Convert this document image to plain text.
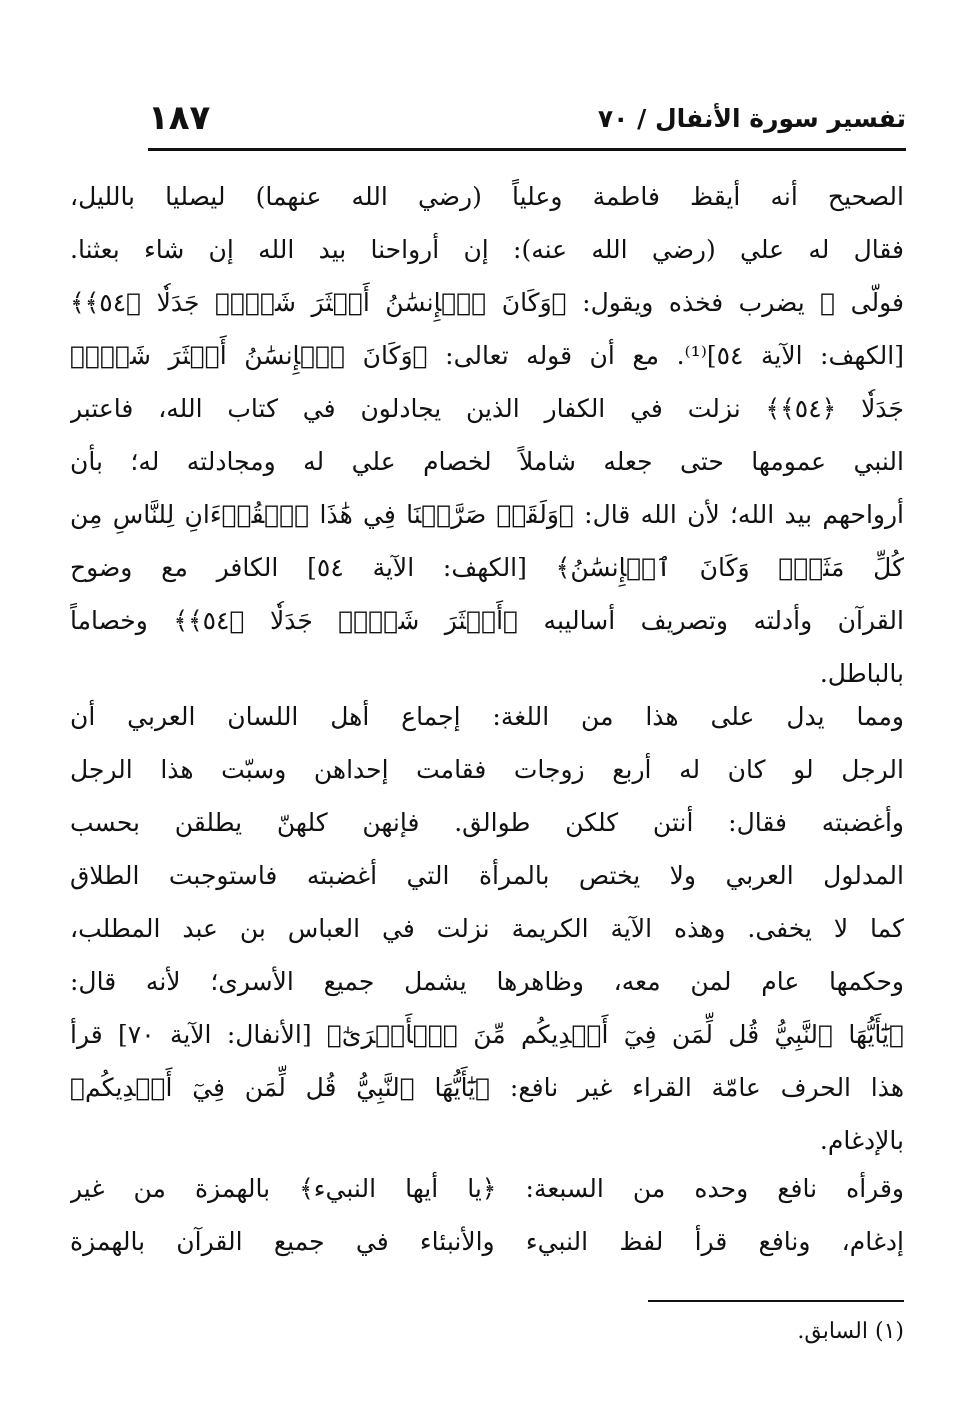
١٨٧	تفسير سورة الأنفال / ٧٠
الصحيح أنه أيقظ فاطمة وعلياً (رضي الله عنهما) ليصليا بالليل،
فقال له علي (رضي الله عنه): إن أرواحنا بيد الله إن شاء بعثنا.
فولّى ﷺ يضرب فخذه ويقول: ﴿وَكَانَ ٱلۡإِنسَٰنُ أَكۡثَرَ شَيۡءٖ جَدَلٗا ﴿٥٤﴾﴾
[الكهف: الآية ٥٤]⁽¹⁾. مع أن قوله تعالى: ﴿وَكَانَ ٱلۡإِنسَٰنُ أَكۡثَرَ شَيۡءٖ
جَدَلٗا ﴿٥٤﴾﴾ نزلت في الكفار الذين يجادلون في كتاب الله، فاعتبر
النبي عمومها حتى جعله شاملاً لخصام علي له ومجادلته له؛ بأن
أرواحهم بيد الله؛ لأن الله قال: ﴿وَلَقَدۡ صَرَّفۡنَا فِي هَٰذَا ٱلۡقُرۡءَانِ لِلنَّاسِ مِن
كُلِّ مَثَلٖۚ وَكَانَ ٱلۡإِنسَٰنُ﴾ [الكهف: الآية ٥٤] الكافر مع وضوح
القرآن وأدلته وتصريف أساليبه ﴿أَكۡثَرَ شَيۡءٖ جَدَلٗا ﴿٥٤﴾﴾ وخصاماً
بالباطل.
ومما يدل على هذا من اللغة: إجماع أهل اللسان العربي أن
الرجل لو كان له أربع زوجات فقامت إحداهن وسبّت هذا الرجل
وأغضبته فقال: أنتن كلكن طوالق. فإنهن كلهنّ يطلقن بحسب
المدلول العربي ولا يختص بالمرأة التي أغضبته فاستوجبت الطلاق
كما لا يخفى. وهذه الآية الكريمة نزلت في العباس بن عبد المطلب،
وحكمها عام لمن معه، وظاهرها يشمل جميع الأسرى؛ لأنه قال:
﴿يَٰٓأَيُّهَا ٱلنَّبِيُّ قُل لِّمَن فِيٓ أَيۡدِيكُم مِّنَ ٱلۡأَسۡرَىٰٓ﴾ [الأنفال: الآية ٧٠] قرأ
هذا الحرف عامّة القراء غير نافع: ﴿يَٰٓأَيُّهَا ٱلنَّبِيُّ قُل لِّمَن فِيٓ أَيۡدِيكُم﴾
بالإدغام.
وقرأه نافع وحده من السبعة: ﴿يا أيها النبيء﴾ بالهمزة من غير
إدغام، ونافع قرأ لفظ النبيء والأنبئاء في جميع القرآن بالهمزة
(١) السابق.
